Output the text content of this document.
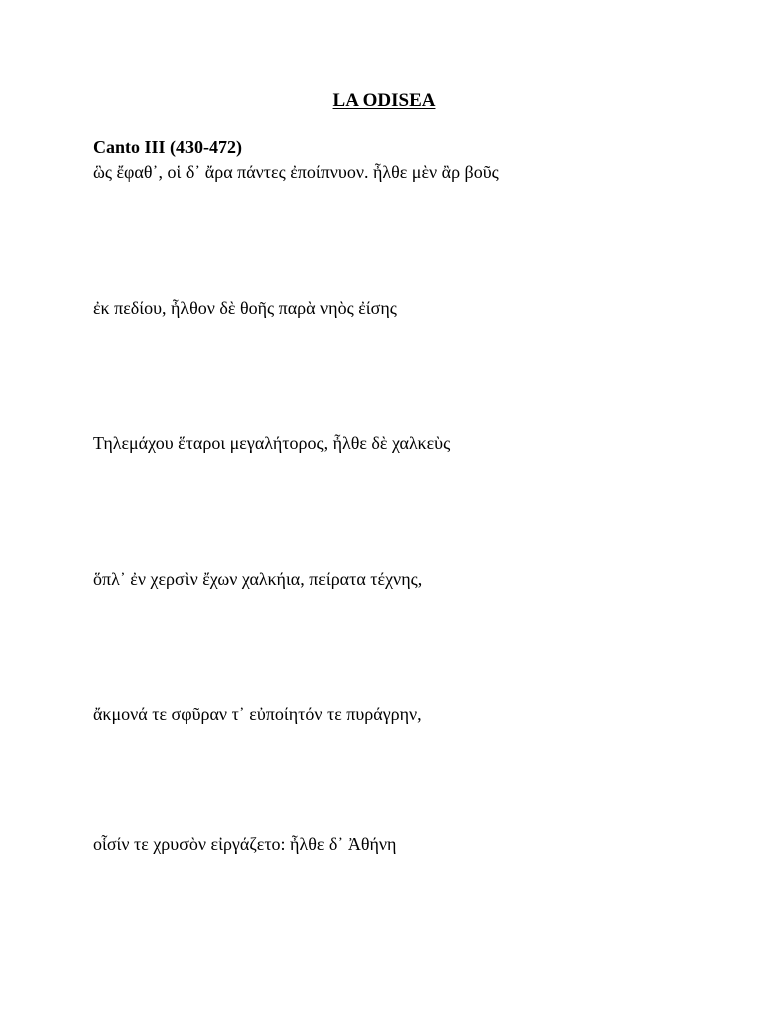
LA ODISEA

Canto III (430-472)

ὣς ἔφαθ᾽, οἱ δ᾽ ἄρα πάντες ἐποίπνυον. ἦλθε μὲν ἂρ βοῦς

ἐκ πεδίου, ἦλθον δὲ θοῆς παρὰ νηὸς ἐίσης

Τηλεμάχου ἕταροι μεγαλήτορος, ἦλθε δὲ χαλκεὺς

ὅπλ᾽ ἐν χερσὶν ἔχων χαλκήια, πείρατα τέχνης,

ἄκμονά τε σφῦραν τ᾽ εὐποίητόν τε πυράγρην,

οἷσίν τε χρυσὸν εἰργάζετο: ἦλθε δ᾽ Ἀθήνη
